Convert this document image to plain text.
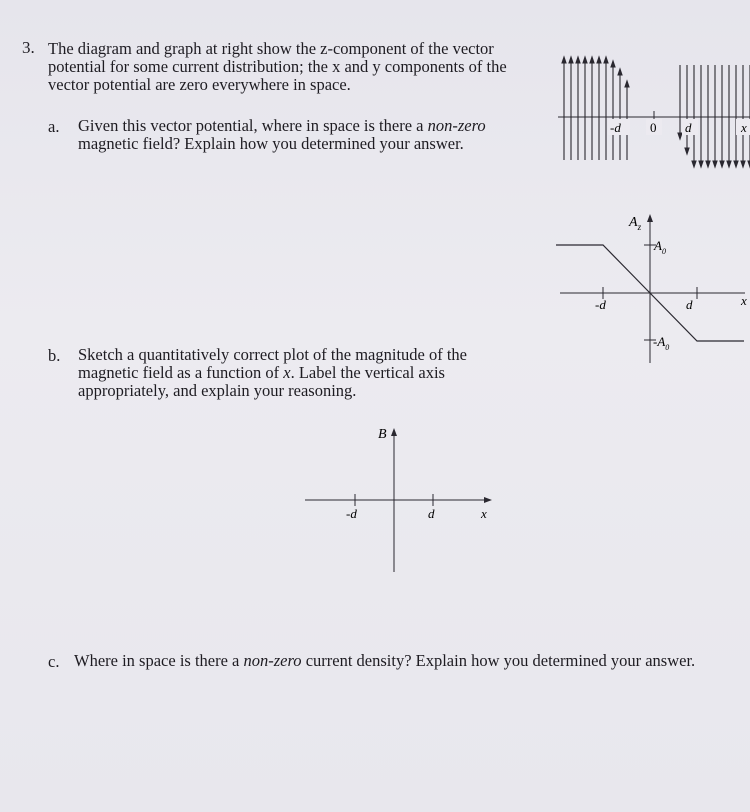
3. The diagram and graph at right show the z-component of the vector potential for some current distribution; the x and y components of the vector potential are zero everywhere in space.
a. Given this vector potential, where in space is there a non-zero magnetic field? Explain how you determined your answer.
b. Sketch a quantitatively correct plot of the magnitude of the magnetic field as a function of x. Label the vertical axis appropriately, and explain your reasoning.
c. Where in space is there a non-zero current density? Explain how you determined your answer.
-d 0 d	x
$A_z$
$A_0$
$-A_0$
-d	d	x
B
-d	d	x
